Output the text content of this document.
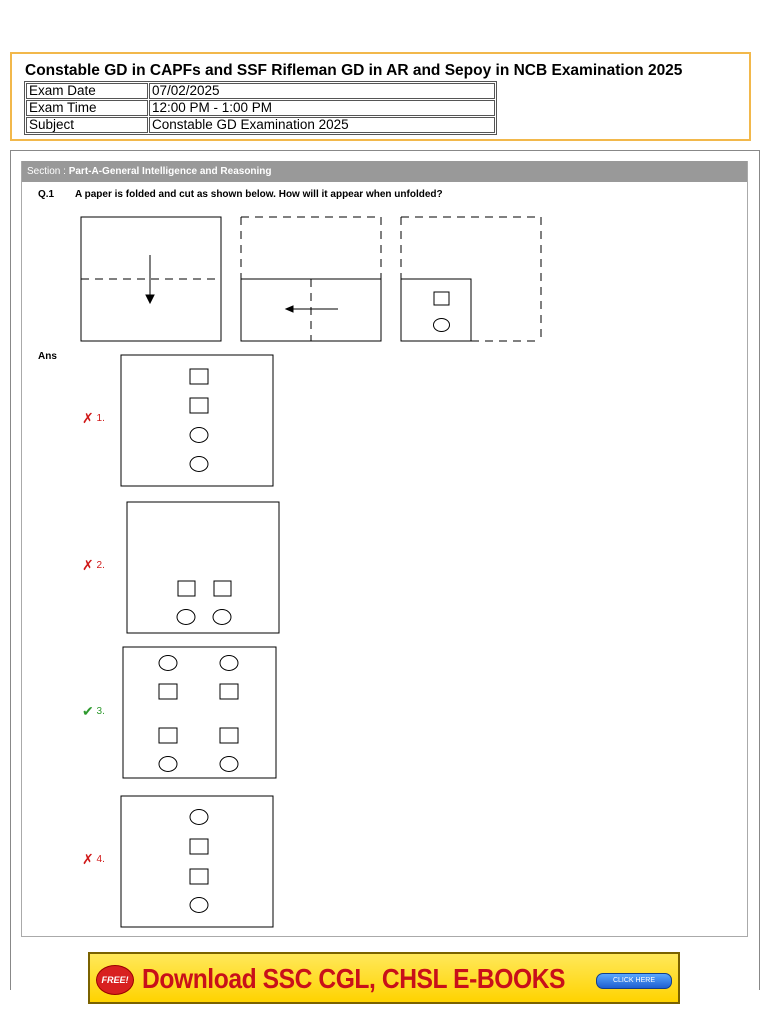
Constable GD in CAPFs and SSF Rifleman GD in AR and Sepoy in NCB Examination 2025
Exam Date	07/02/2025
Exam Time	12:00 PM - 1:00 PM
Subject	Constable GD Examination 2025
Section : Part-A-General Intelligence and Reasoning
Q.1 A paper is folded and cut as shown below. How will it appear when unfolded?
Ans
✗ 1.
✗ 2.
✔ 3.
✗ 4.
FREE! Download SSC CGL, CHSL E-BOOKS	CLICK HERE
